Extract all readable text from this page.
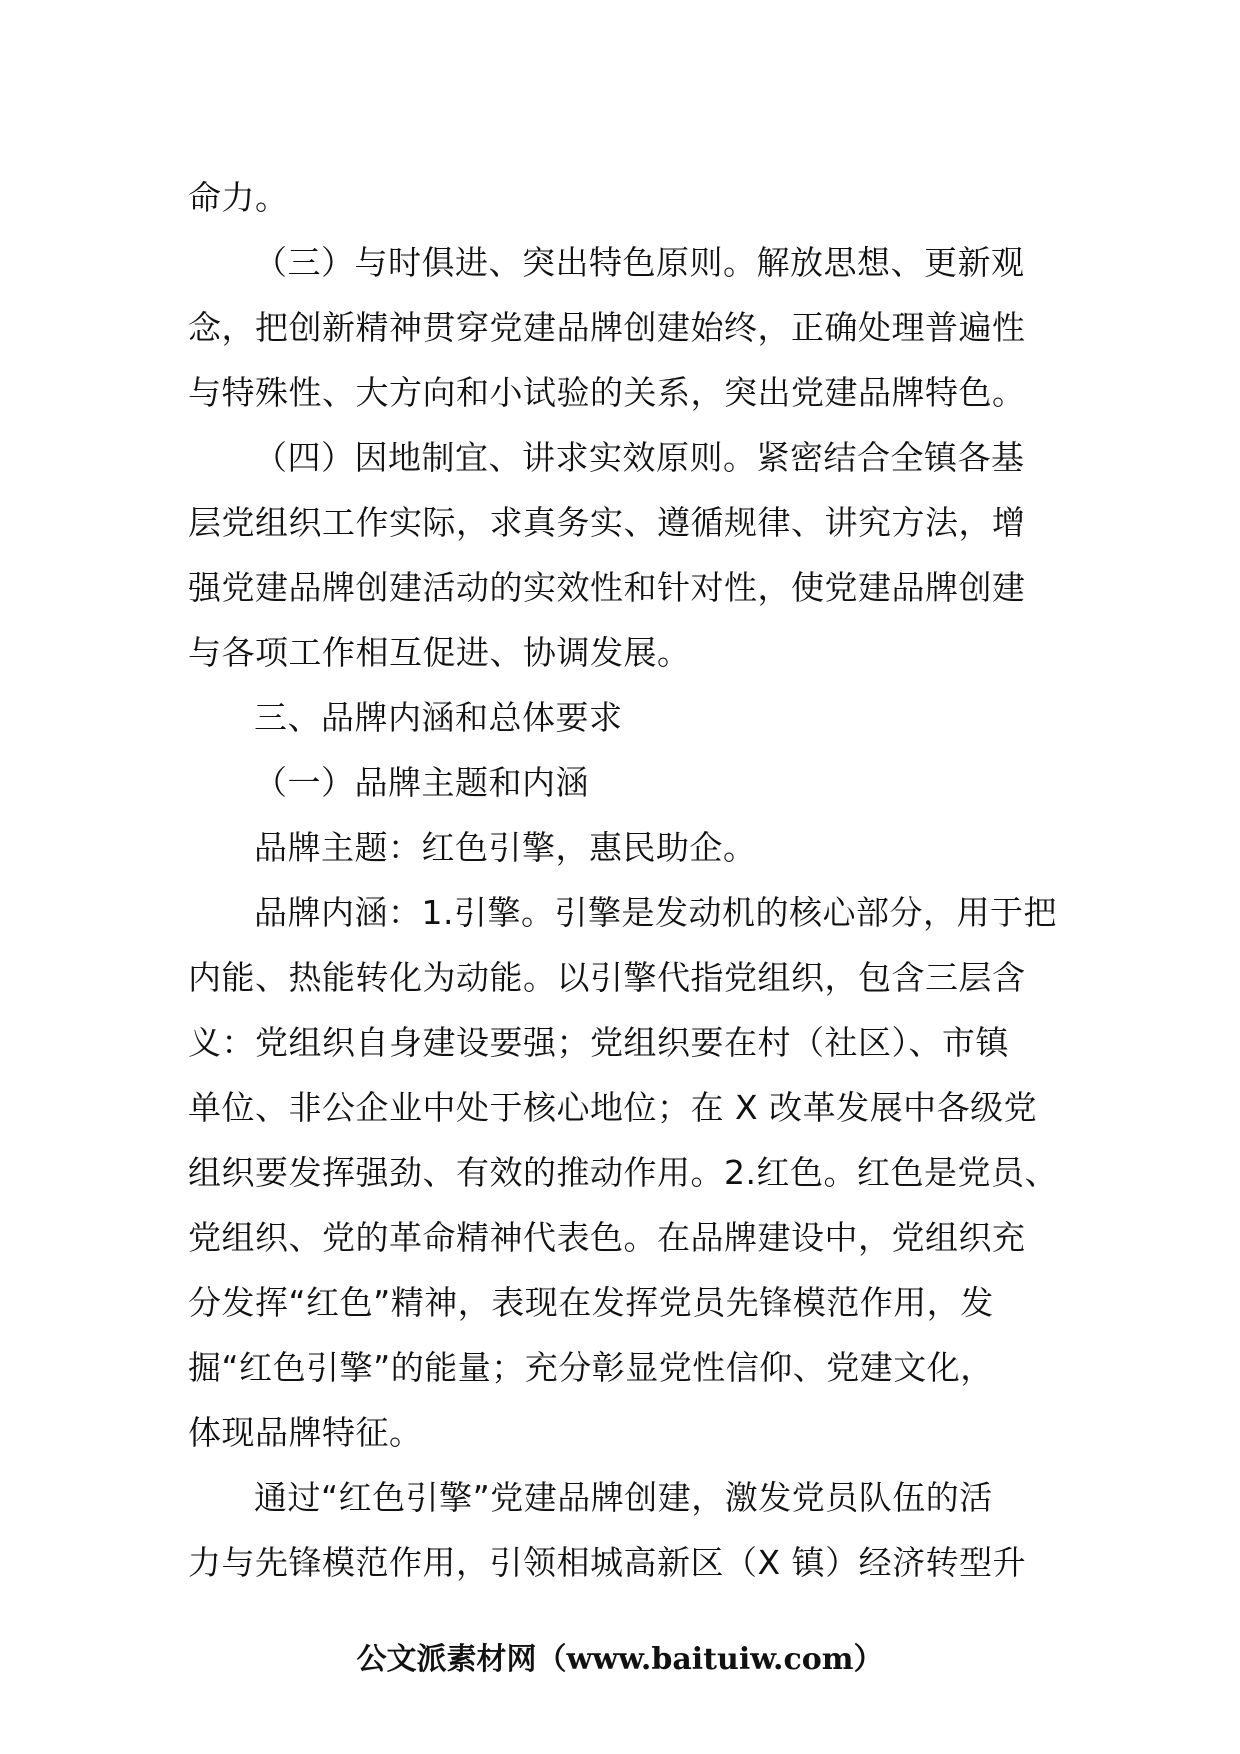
命力。
（三）与时俱进、突出特色原则。解放思想、更新观
念，把创新精神贯穿党建品牌创建始终，正确处理普遍性
与特殊性、大方向和小试验的关系，突出党建品牌特色。
（四）因地制宜、讲求实效原则。紧密结合全镇各基
层党组织工作实际，求真务实、遵循规律、讲究方法，增
强党建品牌创建活动的实效性和针对性，使党建品牌创建
与各项工作相互促进、协调发展。
三、品牌内涵和总体要求
（一）品牌主题和内涵
品牌主题：红色引擎，惠民助企。
品牌内涵：1.引擎。引擎是发动机的核心部分，用于把
内能、热能转化为动能。以引擎代指党组织，包含三层含
义：党组织自身建设要强；党组织要在村（社区）、市镇
单位、非公企业中处于核心地位；在 X 改革发展中各级党
组织要发挥强劲、有效的推动作用。2.红色。红色是党员、
党组织、党的革命精神代表色。在品牌建设中，党组织充
分发挥“红色”精神，表现在发挥党员先锋模范作用，发
掘“红色引擎”的能量；充分彰显党性信仰、党建文化，
体现品牌特征。
通过“红色引擎”党建品牌创建，激发党员队伍的活
力与先锋模范作用，引领相城高新区（X 镇）经济转型升
公文派素材网（www.baituiw.com）
